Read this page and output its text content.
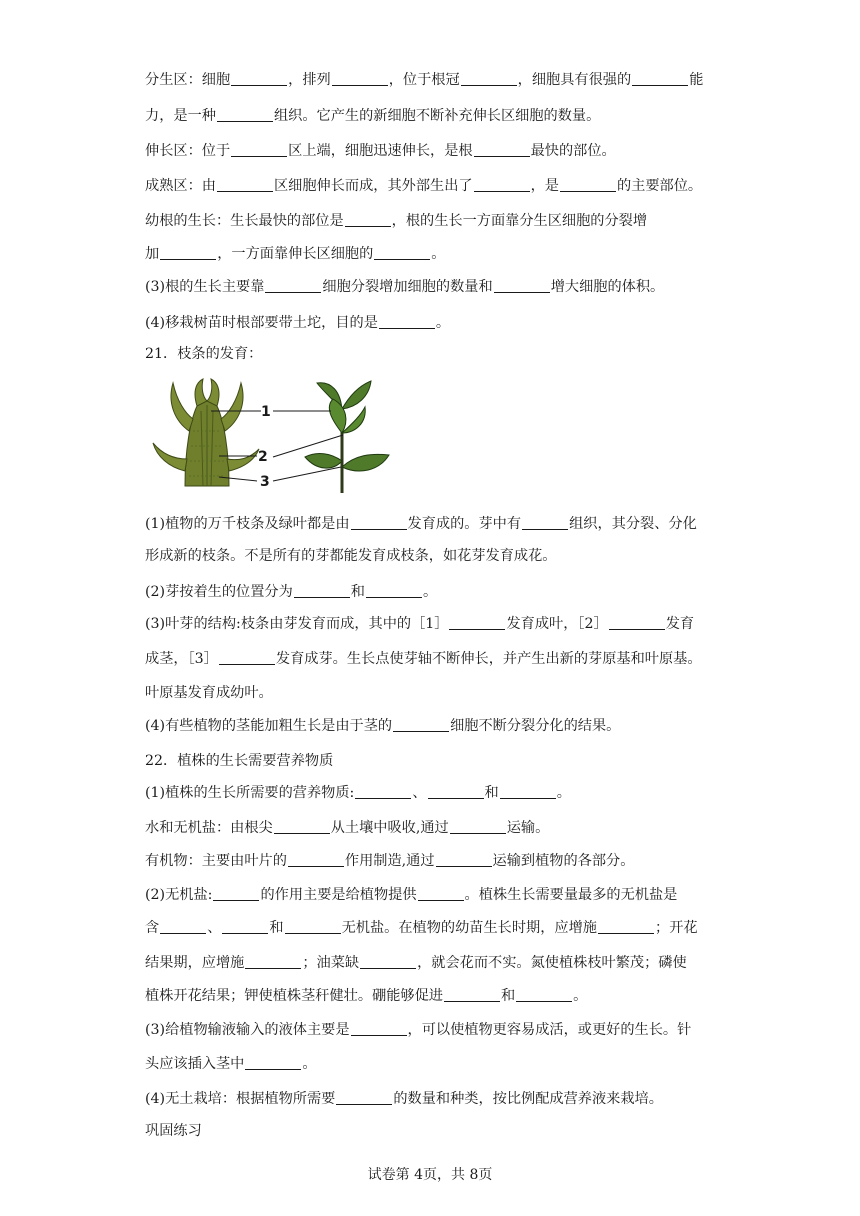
分生区：细胞	，排列	，位于根冠	，细胞具有很强的	能
力，是一种	组织。它产生的新细胞不断补充伸长区细胞的数量。
伸长区：位于	区上端，细胞迅速伸长，是根	最快的部位。
成熟区：由	区细胞伸长而成，其外部生出了	，是	的主要部位。
幼根的生长：生长最快的部位是	，根的生长一方面靠分生区细胞的分裂增
加	，一方面靠伸长区细胞的	。
(3)根的生长主要靠	细胞分裂增加细胞的数量和	增大细胞的体积。
(4)移栽树苗时根部要带土坨，目的是	。
21．枝条的发育：
(1)植物的万千枝条及绿叶都是由	发育成的。芽中有	组织，其分裂、分化
形成新的枝条。不是所有的芽都能发育成枝条，如花芽发育成花。
(2)芽按着生的位置分为	和	。
(3)叶芽的结构:枝条由芽发育而成，其中的［1］	发育成叶，［2］	发育
成茎，［3］	发育成芽。生长点使芽轴不断伸长，并产生出新的芽原基和叶原基。
叶原基发育成幼叶。
(4)有些植物的茎能加粗生长是由于茎的	细胞不断分裂分化的结果。
22．植株的生长需要营养物质
(1)植株的生长所需要的营养物质:	、	和	。
水和无机盐：由根尖	从土壤中吸收,通过	运输。
有机物：主要由叶片的	作用制造,通过	运输到植物的各部分。
(2)无机盐:	的作用主要是给植物提供	。植株生长需要量最多的无机盐是
含	、	和	无机盐。在植物的幼苗生长时期，应增施	；开花
结果期，应增施	；油菜缺	，就会花而不实。氮使植株枝叶繁茂；磷使
植株开花结果；钾使植株茎秆健壮。硼能够促进	和	。
(3)给植物输液输入的液体主要是	，可以使植物更容易成活，或更好的生长。针
头应该插入茎中	。
(4)无土栽培：根据植物所需要	的数量和种类，按比例配成营养液来栽培。
巩固练习
1
2
3
试卷第 4页，共 8页
